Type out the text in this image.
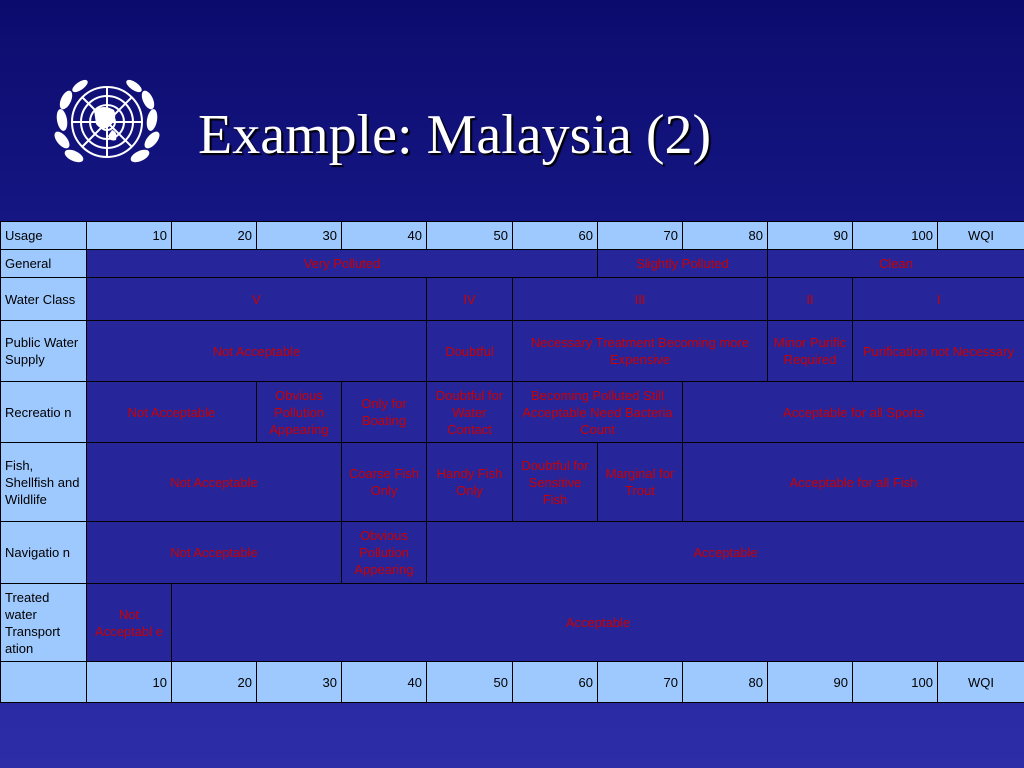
Example: Malaysia (2)
Usage	10	20	30	40	50	60	70	80	90	100	WQI
General	Very Polluted						Slightly Polluted		Clean		
Water Class	V				IV	III			II	I	
Public Water Supply	Not Acceptable				Doubtful	Necessary Treatment Becoming more Expensive			Minor Purific Required	Purification not Necessary	
Recreatio n	Not Acceptable		Obvious Pollution Appearing	Only for Boating	Doubtful for Water Contact	Becoming Polluted Still Acceptable Need Bacteria Count		Acceptable for all Sports			
Fish, Shellfish and Wildlife	Not Acceptable			Coarse Fish Only	Handy Fish Only	Doubtful for Sensitive Fish	Marginal for Trout	Acceptable for all Fish			
Navigatio n	Not Acceptable			Obvious Pollution Appearing	Acceptable						
Treated water Transport ation	Not Acceptabl e	Acceptable									
	10	20	30	40	50	60	70	80	90	100	WQI
